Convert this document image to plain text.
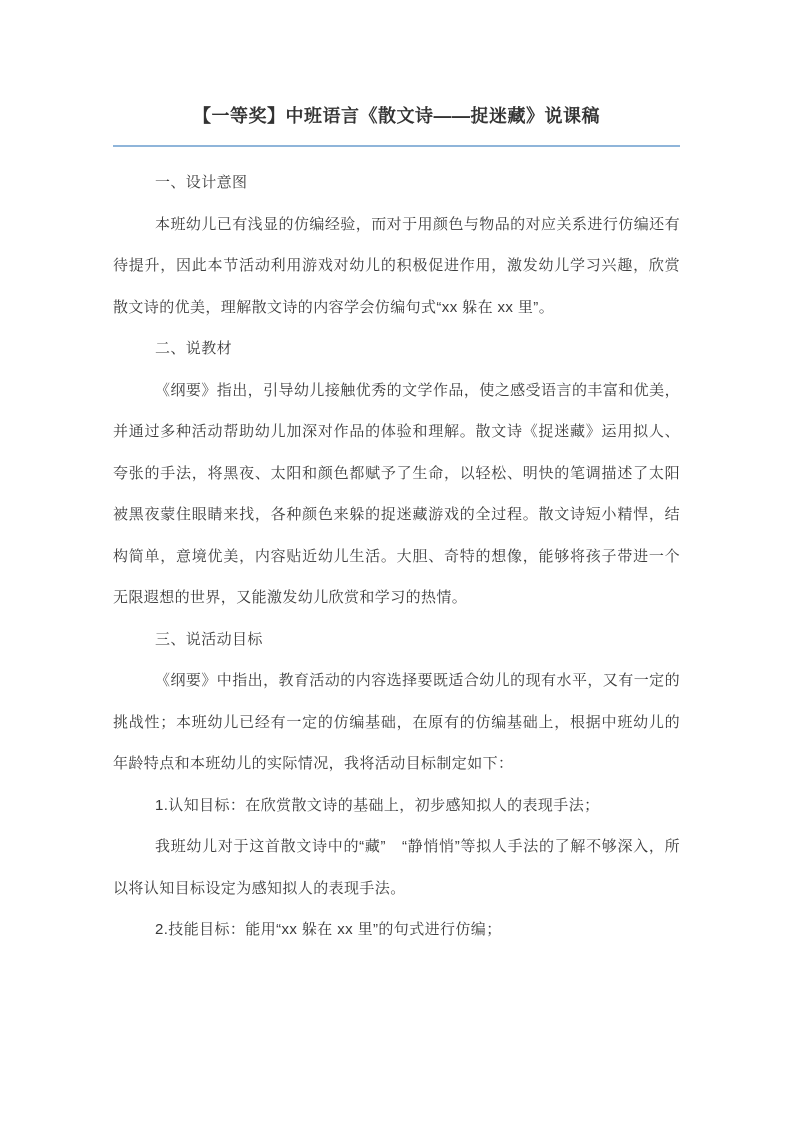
【一等奖】中班语言《散文诗——捉迷藏》说课稿

一、设计意图

本班幼儿已有浅显的仿编经验，而对于用颜色与物品的对应关系进行仿编还有待提升，因此本节活动利用游戏对幼儿的积极促进作用，激发幼儿学习兴趣，欣赏散文诗的优美，理解散文诗的内容学会仿编句式“xx 躲在 xx 里”。

二、说教材

《纲要》指出，引导幼儿接触优秀的文学作品，使之感受语言的丰富和优美，并通过多种活动帮助幼儿加深对作品的体验和理解。散文诗《捉迷藏》运用拟人、夸张的手法，将黑夜、太阳和颜色都赋予了生命，以轻松、明快的笔调描述了太阳被黑夜蒙住眼睛来找，各种颜色来躲的捉迷藏游戏的全过程。散文诗短小精悍，结构简单，意境优美，内容贴近幼儿生活。大胆、奇特的想像，能够将孩子带进一个无限遐想的世界，又能激发幼儿欣赏和学习的热情。

三、说活动目标

《纲要》中指出，教育活动的内容选择要既适合幼儿的现有水平，又有一定的挑战性；本班幼儿已经有一定的仿编基础，在原有的仿编基础上，根据中班幼儿的年龄特点和本班幼儿的实际情况，我将活动目标制定如下：

1.认知目标：在欣赏散文诗的基础上，初步感知拟人的表现手法；

我班幼儿对于这首散文诗中的“藏”　“静悄悄”等拟人手法的了解不够深入，所以将认知目标设定为感知拟人的表现手法。

2.技能目标：能用“xx 躲在 xx 里”的句式进行仿编；
